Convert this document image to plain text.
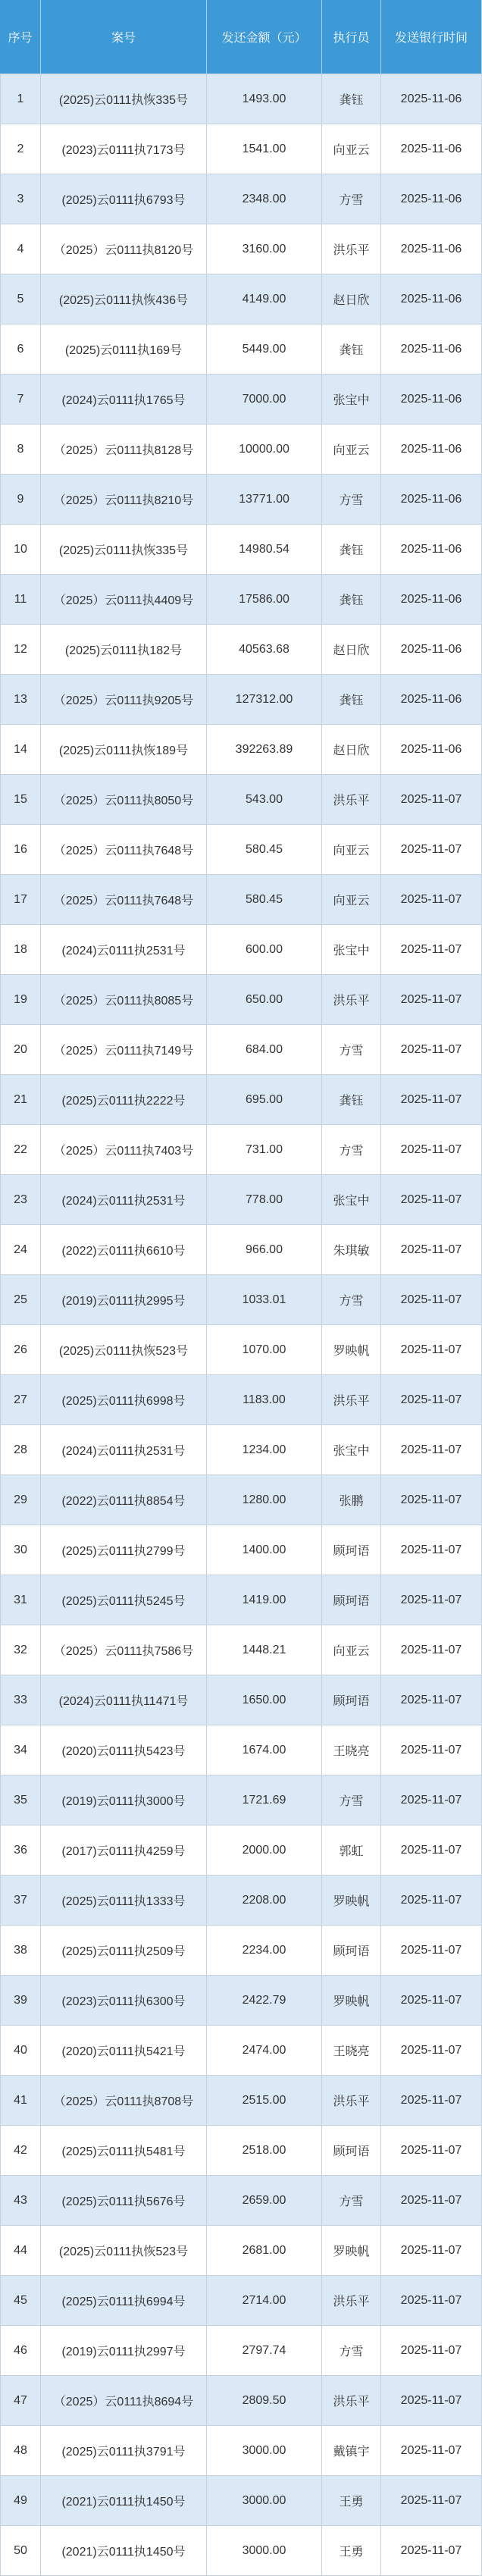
序号	案号	发还金额（元）	执行员	发送银行时间
1	(2025)云0111执恢335号	1493.00	龚钰	2025-11-06
2	(2023)云0111执7173号	1541.00	向亚云	2025-11-06
3	(2025)云0111执6793号	2348.00	方雪	2025-11-06
4	（2025）云0111执8120号	3160.00	洪乐平	2025-11-06
5	(2025)云0111执恢436号	4149.00	赵日欣	2025-11-06
6	(2025)云0111执169号	5449.00	龚钰	2025-11-06
7	(2024)云0111执1765号	7000.00	张宝中	2025-11-06
8	（2025）云0111执8128号	10000.00	向亚云	2025-11-06
9	（2025）云0111执8210号	13771.00	方雪	2025-11-06
10	(2025)云0111执恢335号	14980.54	龚钰	2025-11-06
11	（2025）云0111执4409号	17586.00	龚钰	2025-11-06
12	(2025)云0111执182号	40563.68	赵日欣	2025-11-06
13	（2025）云0111执9205号	127312.00	龚钰	2025-11-06
14	(2025)云0111执恢189号	392263.89	赵日欣	2025-11-06
15	（2025）云0111执8050号	543.00	洪乐平	2025-11-07
16	（2025）云0111执7648号	580.45	向亚云	2025-11-07
17	（2025）云0111执7648号	580.45	向亚云	2025-11-07
18	(2024)云0111执2531号	600.00	张宝中	2025-11-07
19	（2025）云0111执8085号	650.00	洪乐平	2025-11-07
20	（2025）云0111执7149号	684.00	方雪	2025-11-07
21	(2025)云0111执2222号	695.00	龚钰	2025-11-07
22	（2025）云0111执7403号	731.00	方雪	2025-11-07
23	(2024)云0111执2531号	778.00	张宝中	2025-11-07
24	(2022)云0111执6610号	966.00	朱琪敏	2025-11-07
25	(2019)云0111执2995号	1033.01	方雪	2025-11-07
26	(2025)云0111执恢523号	1070.00	罗映帆	2025-11-07
27	(2025)云0111执6998号	1183.00	洪乐平	2025-11-07
28	(2024)云0111执2531号	1234.00	张宝中	2025-11-07
29	(2022)云0111执8854号	1280.00	张鹏	2025-11-07
30	(2025)云0111执2799号	1400.00	顾珂语	2025-11-07
31	(2025)云0111执5245号	1419.00	顾珂语	2025-11-07
32	（2025）云0111执7586号	1448.21	向亚云	2025-11-07
33	(2024)云0111执11471号	1650.00	顾珂语	2025-11-07
34	(2020)云0111执5423号	1674.00	王晓亮	2025-11-07
35	(2019)云0111执3000号	1721.69	方雪	2025-11-07
36	(2017)云0111执4259号	2000.00	郭虹	2025-11-07
37	(2025)云0111执1333号	2208.00	罗映帆	2025-11-07
38	(2025)云0111执2509号	2234.00	顾珂语	2025-11-07
39	(2023)云0111执6300号	2422.79	罗映帆	2025-11-07
40	(2020)云0111执5421号	2474.00	王晓亮	2025-11-07
41	（2025）云0111执8708号	2515.00	洪乐平	2025-11-07
42	(2025)云0111执5481号	2518.00	顾珂语	2025-11-07
43	(2025)云0111执5676号	2659.00	方雪	2025-11-07
44	(2025)云0111执恢523号	2681.00	罗映帆	2025-11-07
45	(2025)云0111执6994号	2714.00	洪乐平	2025-11-07
46	(2019)云0111执2997号	2797.74	方雪	2025-11-07
47	（2025）云0111执8694号	2809.50	洪乐平	2025-11-07
48	(2025)云0111执3791号	3000.00	戴镇宇	2025-11-07
49	(2021)云0111执1450号	3000.00	王勇	2025-11-07
50	(2021)云0111执1450号	3000.00	王勇	2025-11-07
